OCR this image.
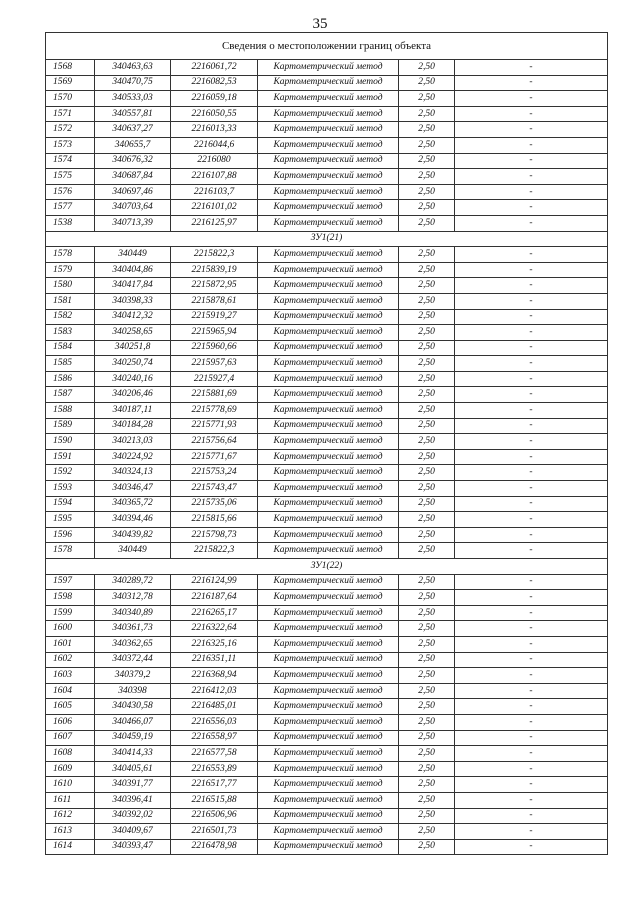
35
Сведения о местоположении границ объекта					
1568	340463,63	2216061,72	Картометрический метод	2,50	-
1569	340470,75	2216082,53	Картометрический метод	2,50	-
1570	340533,03	2216059,18	Картометрический метод	2,50	-
1571	340557,81	2216050,55	Картометрический метод	2,50	-
1572	340637,27	2216013,33	Картометрический метод	2,50	-
1573	340655,7	2216044,6	Картометрический метод	2,50	-
1574	340676,32	2216080	Картометрический метод	2,50	-
1575	340687,84	2216107,88	Картометрический метод	2,50	-
1576	340697,46	2216103,7	Картометрический метод	2,50	-
1577	340703,64	2216101,02	Картометрический метод	2,50	-
1538	340713,39	2216125,97	Картометрический метод	2,50	-
ЗУ1(21)					
1578	340449	2215822,3	Картометрический метод	2,50	-
1579	340404,86	2215839,19	Картометрический метод	2,50	-
1580	340417,84	2215872,95	Картометрический метод	2,50	-
1581	340398,33	2215878,61	Картометрический метод	2,50	-
1582	340412,32	2215919,27	Картометрический метод	2,50	-
1583	340258,65	2215965,94	Картометрический метод	2,50	-
1584	340251,8	2215960,66	Картометрический метод	2,50	-
1585	340250,74	2215957,63	Картометрический метод	2,50	-
1586	340240,16	2215927,4	Картометрический метод	2,50	-
1587	340206,46	2215881,69	Картометрический метод	2,50	-
1588	340187,11	2215778,69	Картометрический метод	2,50	-
1589	340184,28	2215771,93	Картометрический метод	2,50	-
1590	340213,03	2215756,64	Картометрический метод	2,50	-
1591	340224,92	2215771,67	Картометрический метод	2,50	-
1592	340324,13	2215753,24	Картометрический метод	2,50	-
1593	340346,47	2215743,47	Картометрический метод	2,50	-
1594	340365,72	2215735,06	Картометрический метод	2,50	-
1595	340394,46	2215815,66	Картометрический метод	2,50	-
1596	340439,82	2215798,73	Картометрический метод	2,50	-
1578	340449	2215822,3	Картометрический метод	2,50	-
ЗУ1(22)					
1597	340289,72	2216124,99	Картометрический метод	2,50	-
1598	340312,78	2216187,64	Картометрический метод	2,50	-
1599	340340,89	2216265,17	Картометрический метод	2,50	-
1600	340361,73	2216322,64	Картометрический метод	2,50	-
1601	340362,65	2216325,16	Картометрический метод	2,50	-
1602	340372,44	2216351,11	Картометрический метод	2,50	-
1603	340379,2	2216368,94	Картометрический метод	2,50	-
1604	340398	2216412,03	Картометрический метод	2,50	-
1605	340430,58	2216485,01	Картометрический метод	2,50	-
1606	340466,07	2216556,03	Картометрический метод	2,50	-
1607	340459,19	2216558,97	Картометрический метод	2,50	-
1608	340414,33	2216577,58	Картометрический метод	2,50	-
1609	340405,61	2216553,89	Картометрический метод	2,50	-
1610	340391,77	2216517,77	Картометрический метод	2,50	-
1611	340396,41	2216515,88	Картометрический метод	2,50	-
1612	340392,02	2216506,96	Картометрический метод	2,50	-
1613	340409,67	2216501,73	Картометрический метод	2,50	-
1614	340393,47	2216478,98	Картометрический метод	2,50	-
